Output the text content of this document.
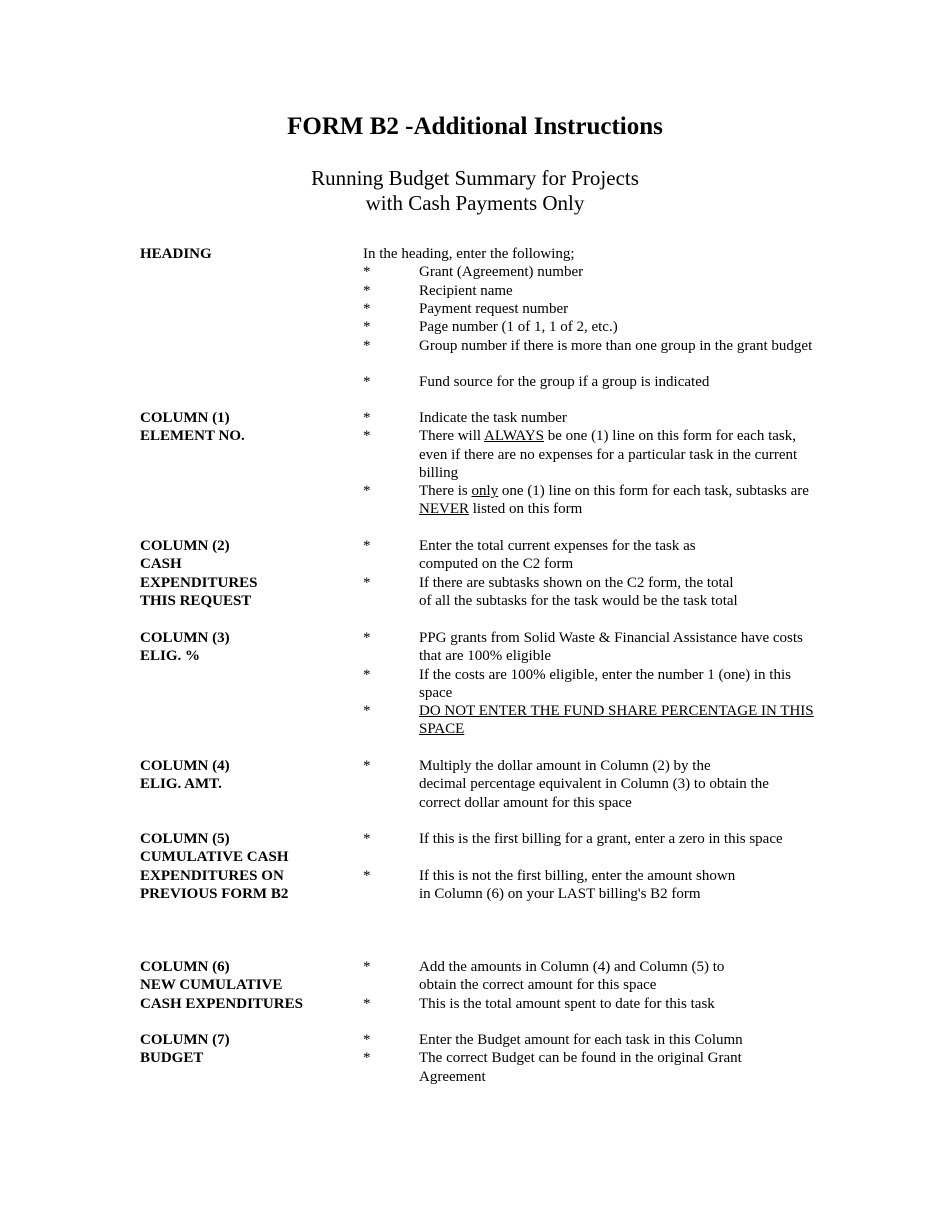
FORM B2 -Additional Instructions
Running Budget Summary for Projects
with Cash Payments Only
HEADING	In the heading, enter the following;
*	Grant (Agreement) number
*	Recipient name
*	Payment request number
*	Page number (1 of 1, 1 of 2, etc.)
*	Group number if there is more than one group in the grant budget
*	Fund source for the group if a group is indicated
COLUMN (1)
ELEMENT NO.
*	Indicate the task number
*	There will ALWAYS be one (1) line on this form for each task, even if there are no expenses for a particular task in the current billing
*	There is only one (1) line on this form for each task, subtasks are NEVER listed on this form
COLUMN (2)
CASH
EXPENDITURES
THIS REQUEST
*	Enter the total current expenses for the task as
computed on the C2 form
*	If there are subtasks shown on the C2 form, the total
of all the subtasks for the task would be the task total
COLUMN (3)
ELIG. %
*	PPG grants from Solid Waste & Financial Assistance have costs that are 100% eligible
*	If the costs are 100% eligible, enter the number 1 (one) in this space
*	DO NOT ENTER THE FUND SHARE PERCENTAGE IN THIS SPACE
COLUMN (4)
ELIG. AMT.
*	Multiply the dollar amount in Column (2) by the
decimal percentage equivalent in Column (3) to obtain the
correct dollar amount for this space
COLUMN (5)
CUMULATIVE CASH
EXPENDITURES ON
PREVIOUS FORM B2
*	If this is the first billing for a grant, enter a zero in this space
*	If this is not the first billing, enter the amount shown
in Column (6) on your LAST billing's B2 form
COLUMN (6)
NEW CUMULATIVE
CASH EXPENDITURES
*	Add the amounts in Column (4) and Column (5) to
obtain the correct amount for this space
*	This is the total amount spent to date for this task
COLUMN (7)
BUDGET
*	Enter the Budget amount for each task in this Column
*	The correct Budget can be found in the original Grant Agreement
